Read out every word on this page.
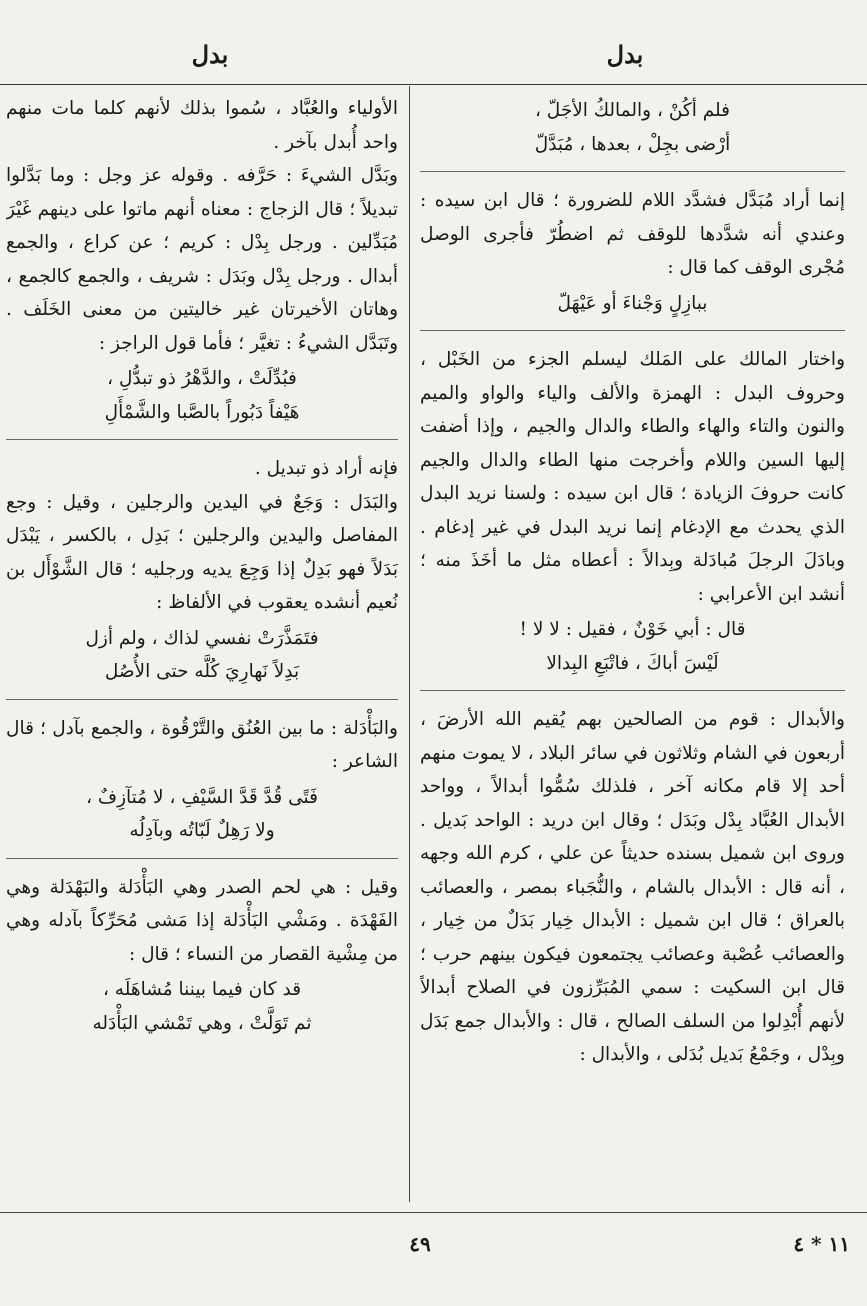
بدل
بدل
فلم أكُنْ ، والمالكُ الأجَلّ ،
أرْضى بجِلْ ، بعدها ، مُبَدَّلّ

إنما أراد مُبَدَّل فشدَّد اللام للضرورة ؛ قال ابن سيده : وعندي أنه شدَّدها للوقف ثم اضطُرّ فأجرى الوصل مُجْرى الوقف كما قال :

ببازِلٍ وَجْناءَ أو عَيْهَلّ

واختار المالك على المَلك ليسلم الجزء من الخَبْل ، وحروف البدل : الهمزة والألف والياء والواو والميم والنون والتاء والهاء والطاء والدال والجيم ، وإذا أضفت إليها السين واللام وأخرجت منها الطاء والدال والجيم كانت حروفَ الزيادة ؛ قال ابن سيده : ولسنا نريد البدل الذي يحدث مع الإدغام إنما نريد البدل في غير إدغام . وبادَلَ الرجلَ مُبادَلة وبِدالاً : أعطاه مثل ما أخَذَ منه ؛ أنشد ابن الأعرابي :

قال : أبي خَوْنٌ ، فقيل : لا لا !
لَيْسَ أباكَ ، فاتْبَعِ البِدالا

والأبدال : قوم من الصالحين بهم يُقيم الله الأرضَ ، أربعون في الشام وثلاثون في سائر البلاد ، لا يموت منهم أحد إلا قام مكانه آخر ، فلذلك سُمُّوا أبدالاً ، وواحد الأبدال العُبَّاد بِدْل وبَدَل ؛ وقال ابن دريد : الواحد بَديل . وروى ابن شميل بسنده حديثاً عن علي ، كرم الله وجهه ، أنه قال : الأبدال بالشام ، والنُّجَباء بمصر ، والعصائب بالعراق ؛ قال ابن شميل : الأبدال خِيار بَدَلٌ من خِيار ، والعصائب عُصْبة وعصائب يجتمعون فيكون بينهم حرب ؛ قال ابن السكيت : سمي المُبَرِّزون في الصلاح أبدالاً لأنهم أُبْدِلوا من السلف الصالح ، قال : والأبدال جمع بَدَل وبِدْل ، وجَمْعُ بَديل بُدَلى ، والأبدال :

الأولياء والعُبَّاد ، سُموا بذلك لأنهم كلما مات منهم واحد أُبدل بآخر .

وبَدَّل الشيءَ : حَرَّفه . وقوله عز وجل : وما بَدَّلوا تبديلاً ؛ قال الزجاج : معناه أنهم ماتوا على دينهم غَيْرَ مُبَدِّلين . ورجل بِدْل : كريم ؛ عن كراع ، والجمع أبدال . ورجل بِدْل وبَدَل : شريف ، والجمع كالجمع ، وهاتان الأخيرتان غير خاليتين من معنى الخَلَف . وتَبَدَّل الشيءُ : تغيَّر ؛ فأما قول الراجز :

فبُدِّلَتْ ، والدَّهْرُ ذو تبدُّلِ ،
هَيْفاً دَبُوراً بالصَّبا والشَّمْأَلِ

فإنه أراد ذو تبديل .

والبَدَل : وَجَعٌ في اليدين والرجلين ، وقيل : وجع المفاصل واليدين والرجلين ؛ بَدِل ، بالكسر ، يَبْدَل بَدَلاً فهو بَدِلٌ إذا وَجِعَ يديه ورجليه ؛ قال الشَّوْأَل بن نُعيم أنشده يعقوب في الألفاظ :

فتَمَذَّرَتْ نفسي لذاك ، ولم أزل
بَدِلاً نَهارِيَ كُلَّه حتى الأُصُل

والبَأْدَلة : ما بين العُنُق والتَّرْقُوة ، والجمع بآدل ؛ قال الشاعر :

فَتًى قُدَّ قَدَّ السَّيْفِ ، لا مُتآزِفٌ ،
ولا رَهِلٌ لَبّاتُه وبآدِلُه

وقيل : هي لحم الصدر وهي البَأْدَلة والبَهْدَلة وهي الفَهْدَة . ومَشْي البَأْدَلة إذا مَشى مُحَرِّكاً بآدله وهي من مِشْية القصار من النساء ؛ قال :

قد كان فيما بيننا مُشاهَلَه ،
ثم تَوَلَّتْ ، وهي تَمْشي البَأْدَله
٤٩	١١ * ٤
